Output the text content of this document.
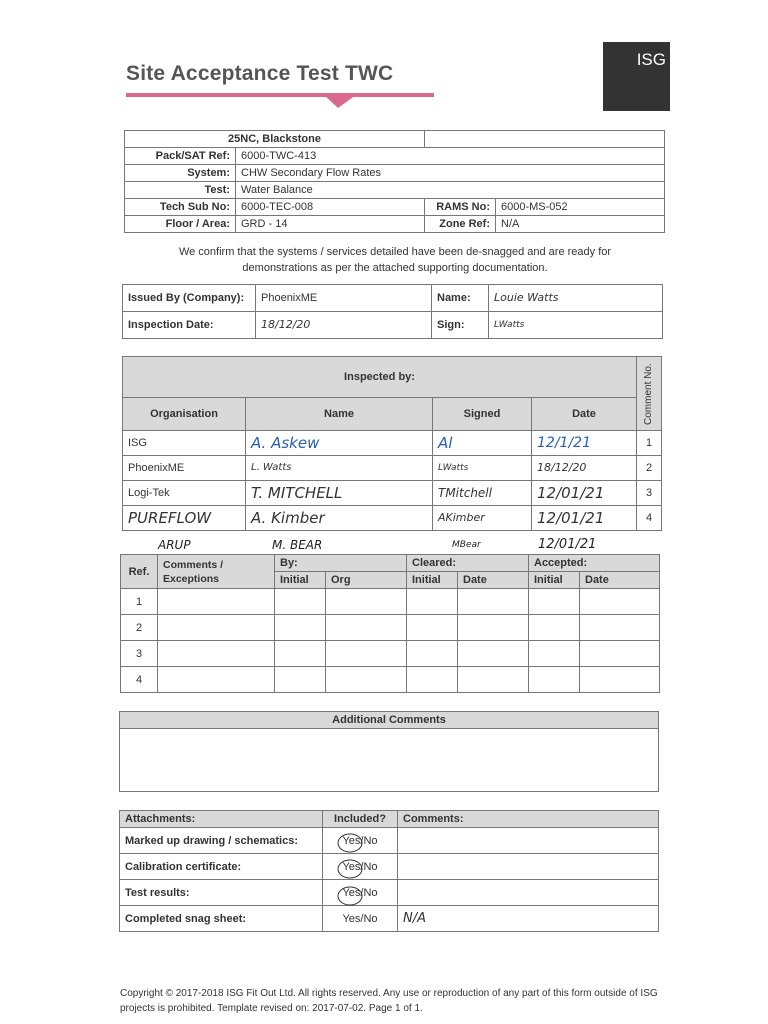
Site Acceptance Test TWC
ISG
25NC, Blackstone			
Pack/SAT Ref:	6000-TWC-413		
System:	CHW Secondary Flow Rates		
Test:	Water Balance		
Tech Sub No:	6000-TEC-008	RAMS No:	6000-MS-052
Floor / Area:	GRD - 14	Zone Ref:	N/A
We confirm that the systems / services detailed have been de-snagged and are ready for demonstrations as per the attached supporting documentation.
Issued By (Company):	PhoenixME	Name:	Louie Watts
Inspection Date:	18/12/20	Sign:	LWatts
Inspected by:				Comment No.

Organisation	Name	Signed	Date	
ISG	A. Askew	Al	12/1/21	1
PhoenixME	L. Watts	LWatts	18/12/20	2
Logi-Tek	T. MITCHELL	TMitchell	12/01/21	3
PUREFLOW	A. Kimber	AKimber	12/01/21	4
ARUP	M. BEAR	MBear	12/01/21
Ref.	Comments / Exceptions	By:		Cleared:		Accepted:	
		Initial	Org	Initial	Date	Initial	Date
1							
2							
3							
4							
Additional Comments

Attachments:	Included?	Comments:
Marked up drawing / schematics:	Yes/No	
Calibration certificate:	Yes/No	
Test results:	Yes/No	
Completed snag sheet:	Yes/No	N/A
Copyright © 2017-2018 ISG Fit Out Ltd. All rights reserved. Any use or reproduction of any part of this form outside of ISG projects is prohibited. Template revised on: 2017-07-02. Page 1 of 1.
